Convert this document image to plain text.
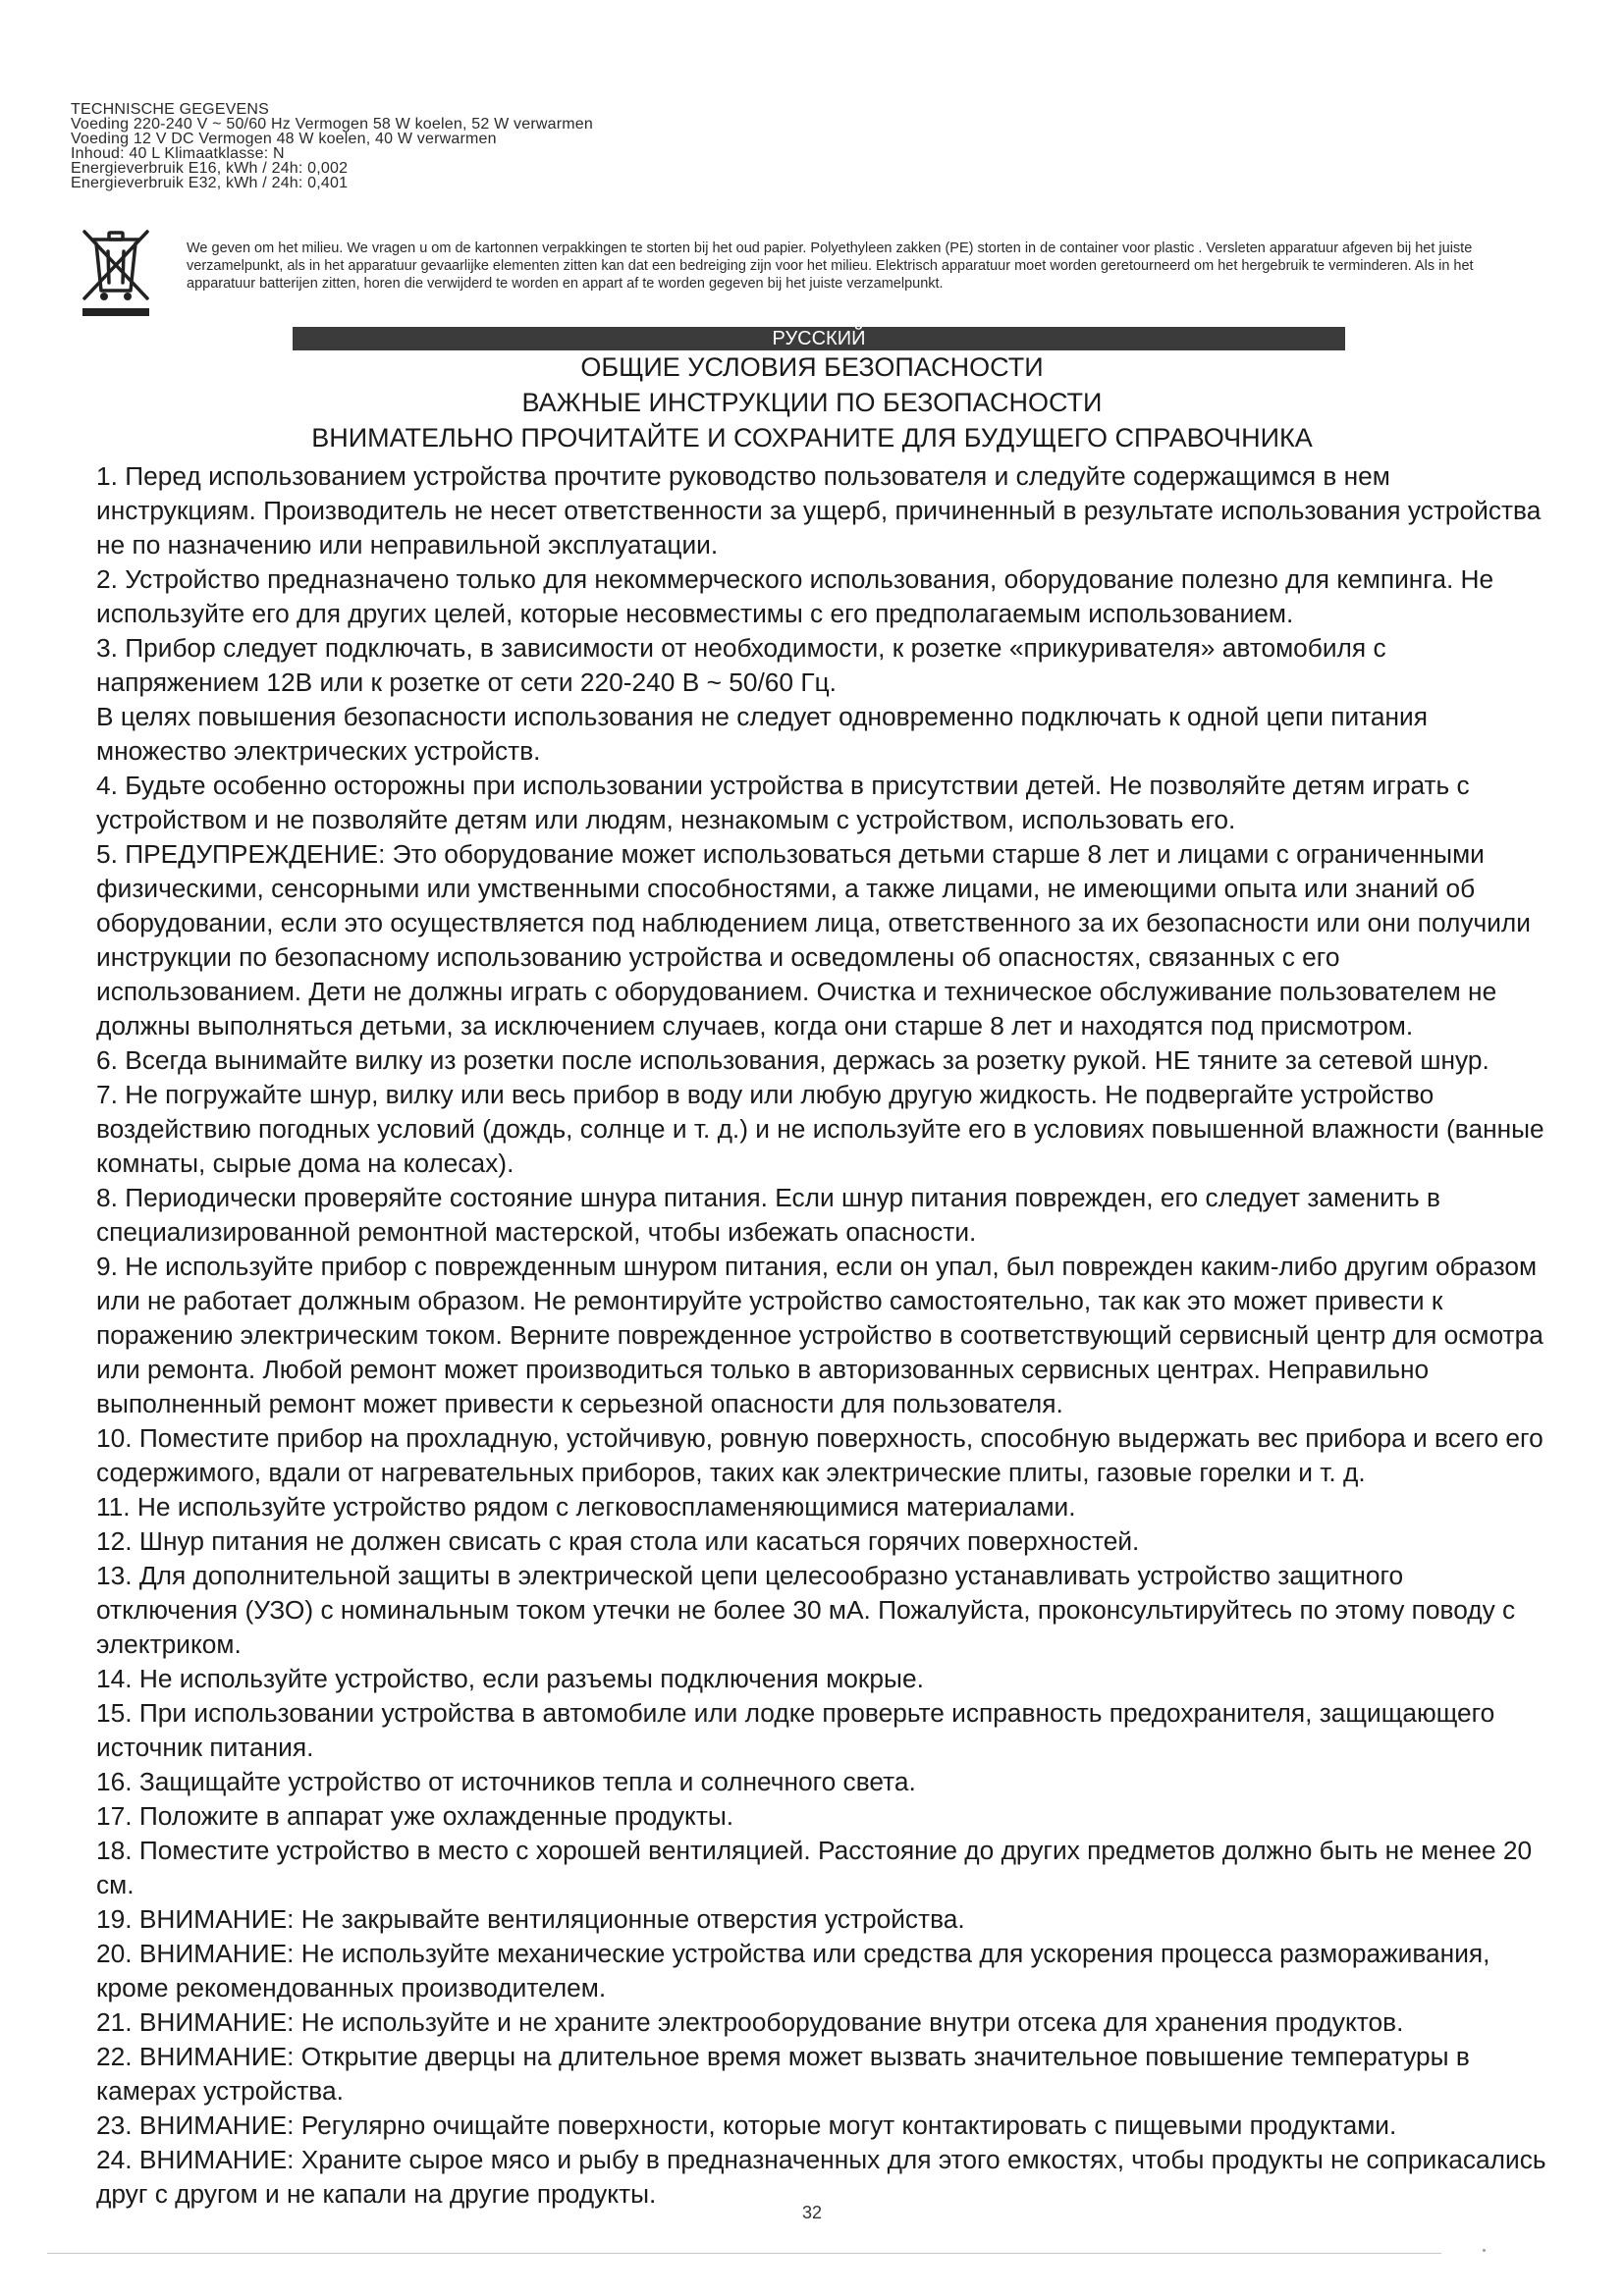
TECHNISCHE GEGEVENS
Voeding 220-240 V ~ 50/60 Hz Vermogen 58 W koelen, 52 W verwarmen
Voeding 12 V DC Vermogen 48 W koelen, 40 W verwarmen
Inhoud: 40 L Klimaatklasse: N
Energieverbruik E16, kWh / 24h: 0,002
Energieverbruik E32, kWh / 24h: 0,401
We geven om het milieu. We vragen u om de kartonnen verpakkingen te storten bij het oud papier. Polyethyleen zakken (PE) storten in de container voor plastic . Versleten apparatuur afgeven bij het juiste verzamelpunkt, als in het apparatuur gevaarlijke elementen zitten kan dat een bedreiging zijn voor het milieu. Elektrisch apparatuur moet worden geretourneerd om het hergebruik te verminderen. Als in het apparatuur batterijen zitten, horen die verwijderd te worden en appart af te worden gegeven bij het juiste verzamelpunkt.
РУССКИЙ
ОБЩИЕ УСЛОВИЯ БЕЗОПАСНОСТИ
ВАЖНЫЕ ИНСТРУКЦИИ ПО БЕЗОПАСНОСТИ
ВНИМАТЕЛЬНО ПРОЧИТАЙТЕ И СОХРАНИТЕ ДЛЯ БУДУЩЕГО СПРАВОЧНИКА

1. Перед использованием устройства прочтите руководство пользователя и следуйте содержащимся в нем инструкциям. Производитель не несет ответственности за ущерб, причиненный в результате использования устройства не по назначению или неправильной эксплуатации.

2. Устройство предназначено только для некоммерческого использования, оборудование полезно для кемпинга. Не используйте его для других целей, которые несовместимы с его предполагаемым использованием.

3. Прибор следует подключать, в зависимости от необходимости, к розетке «прикуривателя» автомобиля с напряжением 12В или к розетке от сети 220-240 В ~ 50/60 Гц.

В целях повышения безопасности использования не следует одновременно подключать к одной цепи питания множество электрических устройств.

4. Будьте особенно осторожны при использовании устройства в присутствии детей. Не позволяйте детям играть с устройством и не позволяйте детям или людям, незнакомым с устройством, использовать его.

5. ПРЕДУПРЕЖДЕНИЕ: Это оборудование может использоваться детьми старше 8 лет и лицами с ограниченными физическими, сенсорными или умственными способностями, а также лицами, не имеющими опыта или знаний об оборудовании, если это осуществляется под наблюдением лица, ответственного за их безопасности или они получили инструкции по безопасному использованию устройства и осведомлены об опасностях, связанных с его использованием. Дети не должны играть с оборудованием. Очистка и техническое обслуживание пользователем не должны выполняться детьми, за исключением случаев, когда они старше 8 лет и находятся под присмотром.

6. Всегда вынимайте вилку из розетки после использования, держась за розетку рукой. НЕ тяните за сетевой шнур.

7. Не погружайте шнур, вилку или весь прибор в воду или любую другую жидкость. Не подвергайте устройство воздействию погодных условий (дождь, солнце и т. д.) и не используйте его в условиях повышенной влажности (ванные комнаты, сырые дома на колесах).

8. Периодически проверяйте состояние шнура питания. Если шнур питания поврежден, его следует заменить в специализированной ремонтной мастерской, чтобы избежать опасности.

9. Не используйте прибор с поврежденным шнуром питания, если он упал, был поврежден каким-либо другим образом или не работает должным образом. Не ремонтируйте устройство самостоятельно, так как это может привести к поражению электрическим током. Верните поврежденное устройство в соответствующий сервисный центр для осмотра или ремонта. Любой ремонт может производиться только в авторизованных сервисных центрах. Неправильно выполненный ремонт может привести к серьезной опасности для пользователя.

10. Поместите прибор на прохладную, устойчивую, ровную поверхность, способную выдержать вес прибора и всего его содержимого, вдали от нагревательных приборов, таких как электрические плиты, газовые горелки и т. д.

11. Не используйте устройство рядом с легковоспламеняющимися материалами.

12. Шнур питания не должен свисать с края стола или касаться горячих поверхностей.

13. Для дополнительной защиты в электрической цепи целесообразно устанавливать устройство защитного отключения (УЗО) с номинальным током утечки не более 30 мА. Пожалуйста, проконсультируйтесь по этому поводу с электриком.

14. Не используйте устройство, если разъемы подключения мокрые.

15. При использовании устройства в автомобиле или лодке проверьте исправность предохранителя, защищающего источник питания.

16. Защищайте устройство от источников тепла и солнечного света.

17. Положите в аппарат уже охлажденные продукты.

18. Поместите устройство в место с хорошей вентиляцией. Расстояние до других предметов должно быть не менее 20 см.

19. ВНИМАНИЕ: Не закрывайте вентиляционные отверстия устройства.

20. ВНИМАНИЕ: Не используйте механические устройства или средства для ускорения процесса размораживания, кроме рекомендованных производителем.

21. ВНИМАНИЕ: Не используйте и не храните электрооборудование внутри отсека для хранения продуктов.

22. ВНИМАНИЕ: Открытие дверцы на длительное время может вызвать значительное повышение температуры в камерах устройства.

23. ВНИМАНИЕ: Регулярно очищайте поверхности, которые могут контактировать с пищевыми продуктами.

24. ВНИМАНИЕ: Храните сырое мясо и рыбу в предназначенных для этого емкостях, чтобы продукты не соприкасались друг с другом и не капали на другие продукты.

32
